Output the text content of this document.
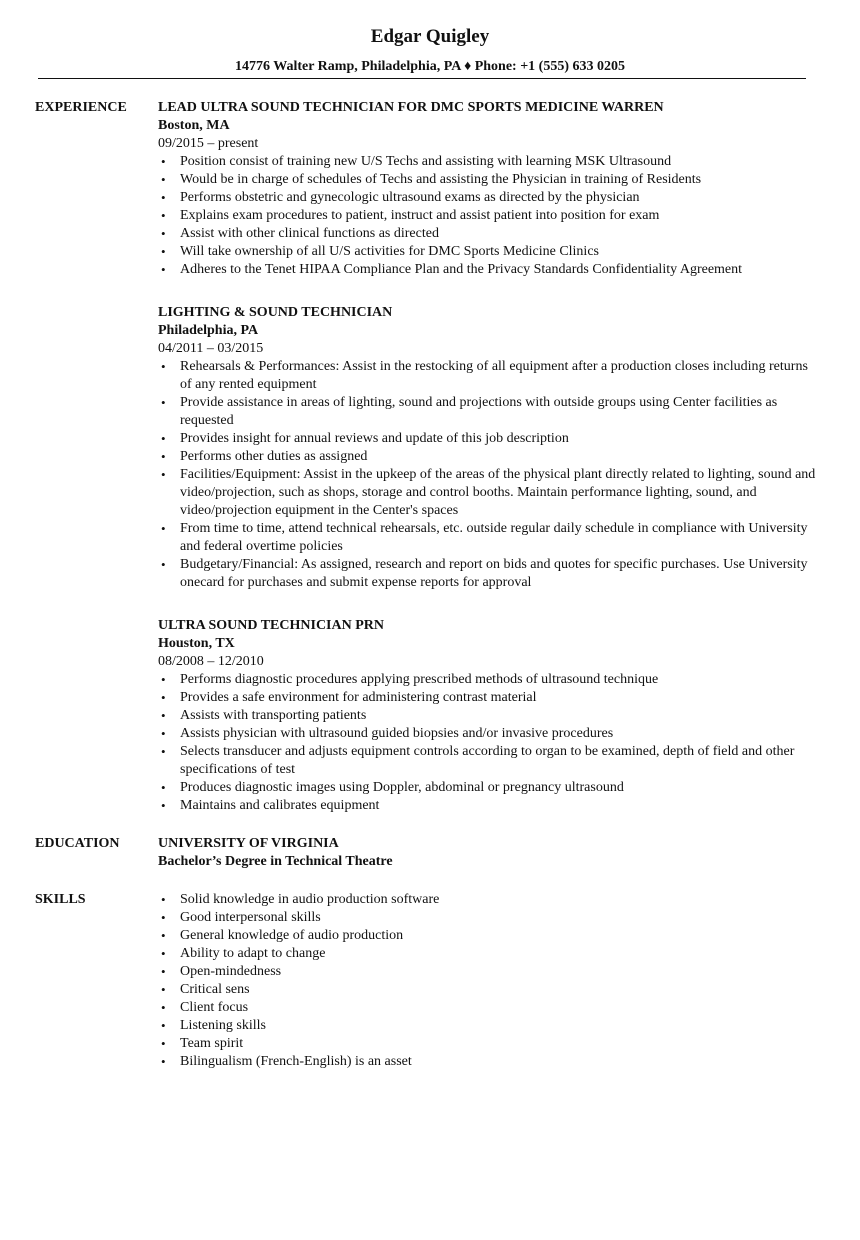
Edgar Quigley
14776 Walter Ramp, Philadelphia, PA ♦ Phone: +1 (555) 633 0205
EXPERIENCE LEAD ULTRA SOUND TECHNICIAN FOR DMC SPORTS MEDICINE WARREN
Boston, MA
09/2015 – present
• Position consist of training new U/S Techs and assisting with learning MSK Ultrasound
• Would be in charge of schedules of Techs and assisting the Physician in training of Residents
• Performs obstetric and gynecologic ultrasound exams as directed by the physician
• Explains exam procedures to patient, instruct and assist patient into position for exam
• Assist with other clinical functions as directed
• Will take ownership of all U/S activities for DMC Sports Medicine Clinics
• Adheres to the Tenet HIPAA Compliance Plan and the Privacy Standards Confidentiality Agreement
LIGHTING & SOUND TECHNICIAN
Philadelphia, PA
04/2011 – 03/2015
• Rehearsals & Performances: Assist in the restocking of all equipment after a production closes including returns of any rented equipment
• Provide assistance in areas of lighting, sound and projections with outside groups using Center facilities as requested
• Provides insight for annual reviews and update of this job description
• Performs other duties as assigned
• Facilities/Equipment: Assist in the upkeep of the areas of the physical plant directly related to lighting, sound and video/projection, such as shops, storage and control booths. Maintain performance lighting, sound, and video/projection equipment in the Center's spaces
• From time to time, attend technical rehearsals, etc. outside regular daily schedule in compliance with University and federal overtime policies
• Budgetary/Financial: As assigned, research and report on bids and quotes for specific purchases. Use University onecard for purchases and submit expense reports for approval
ULTRA SOUND TECHNICIAN PRN
Houston, TX
08/2008 – 12/2010
• Performs diagnostic procedures applying prescribed methods of ultrasound technique
• Provides a safe environment for administering contrast material
• Assists with transporting patients
• Assists physician with ultrasound guided biopsies and/or invasive procedures
• Selects transducer and adjusts equipment controls according to organ to be examined, depth of field and other specifications of test
• Produces diagnostic images using Doppler, abdominal or pregnancy ultrasound
• Maintains and calibrates equipment
EDUCATION	UNIVERSITY OF VIRGINIA
Bachelor’s Degree in Technical Theatre
SKILLS
•	Solid knowledge in audio production software
• Good interpersonal skills
• General knowledge of audio production
• Ability to adapt to change
• Open-mindedness
• Critical sens
• Client focus
• Listening skills
• Team spirit
• Bilingualism (French-English) is an asset
